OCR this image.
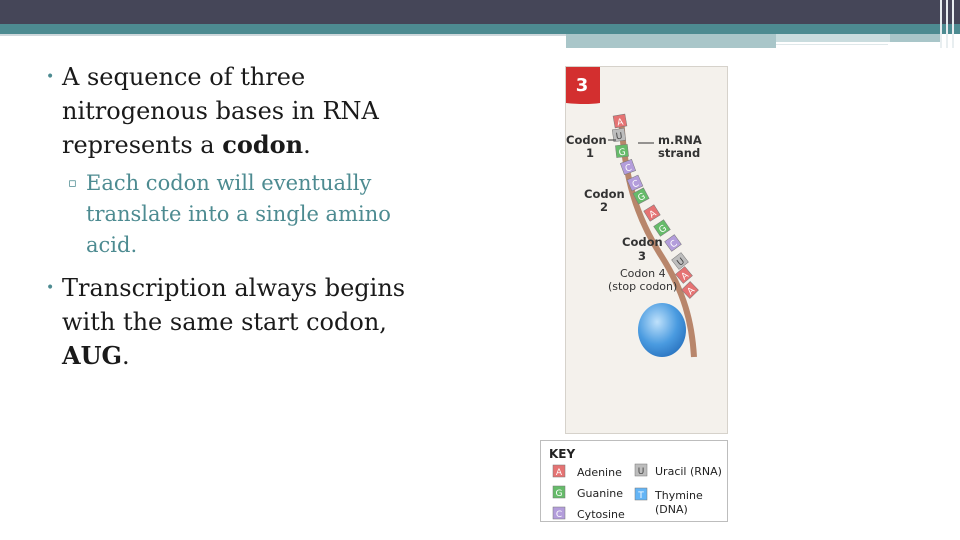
• A sequence of three nitrogenous bases in RNA represents a codon.
▫ Each codon will eventually translate into a single amino acid.
• Transcription always begins with the same start codon, AUG.
3
A
U
G
C
C
G
A
G
C
U
A
A
Codon
1
m.RNA
strand
Codon
2
Codon
3
Codon 4
(stop codon)
KEY
A Adenine
G Guanine
C Cytosine
U Uracil (RNA)
T Thymine
(DNA)
